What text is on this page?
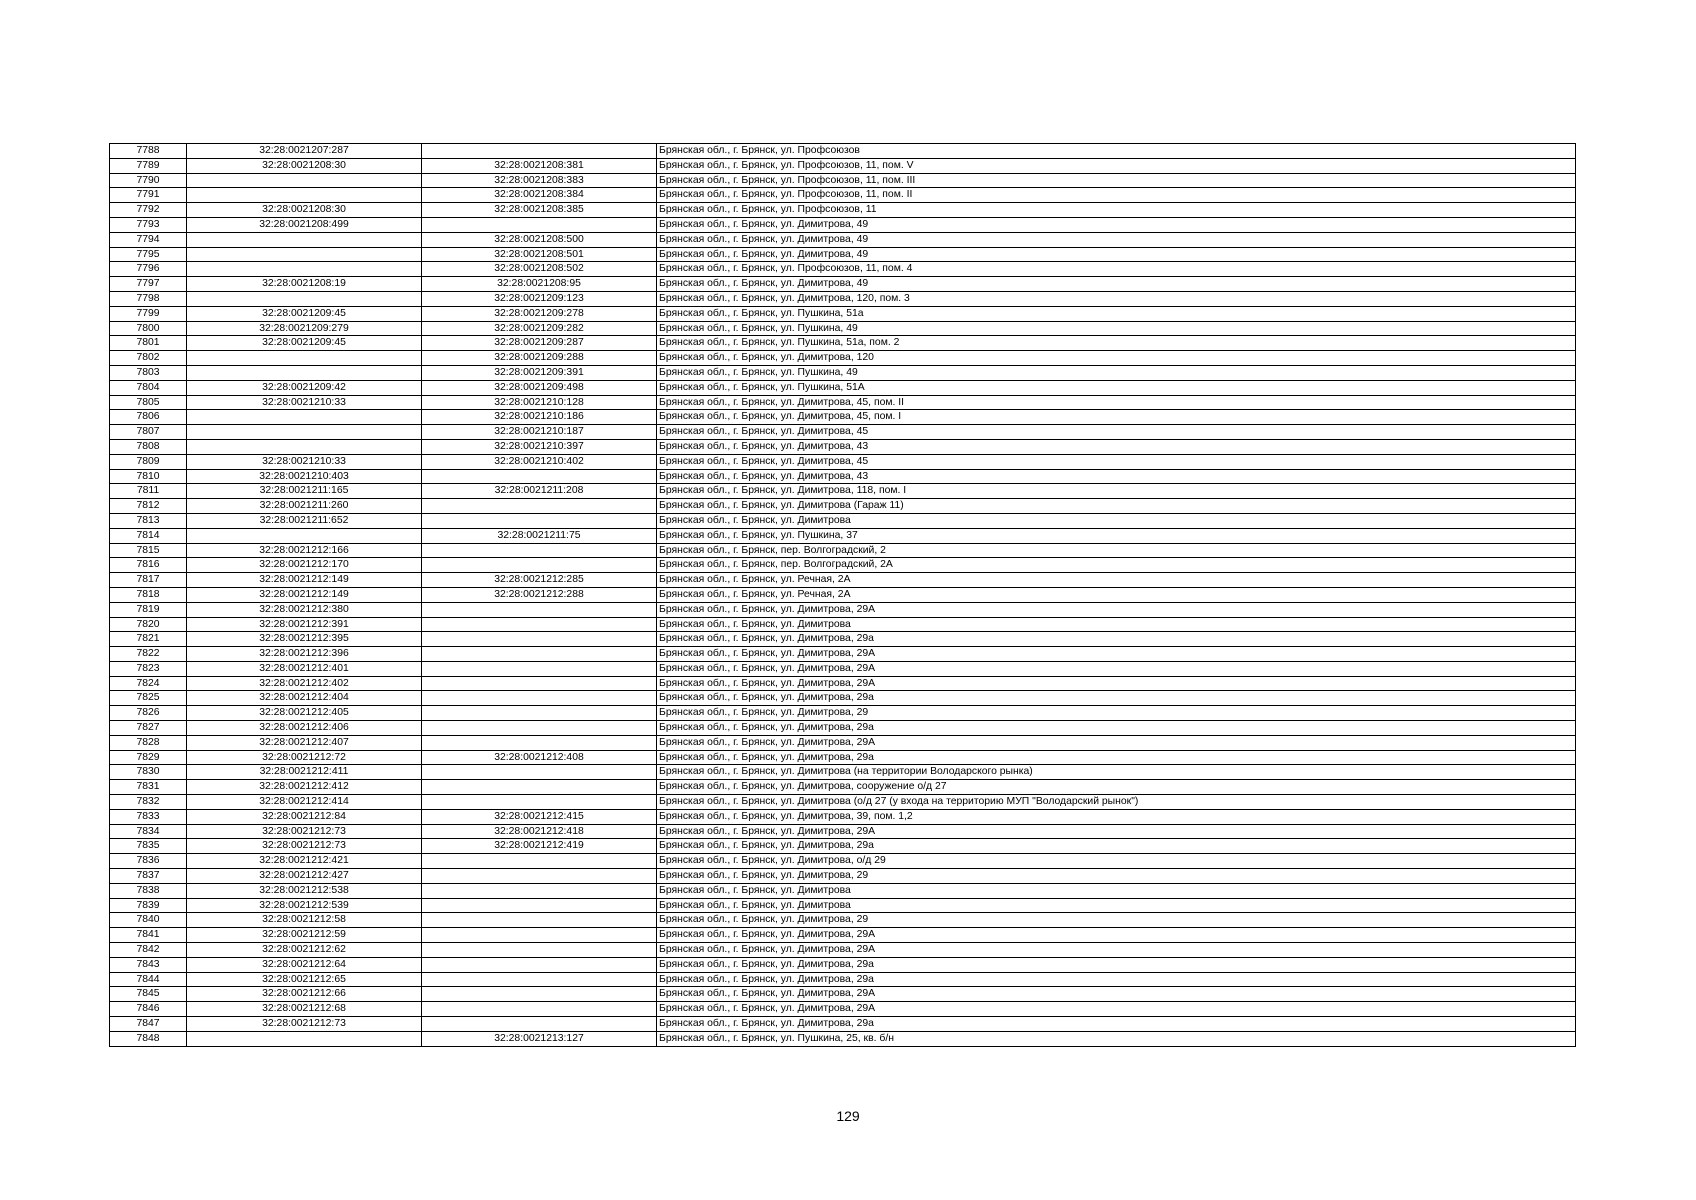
7788	32:28:0021207:287		Брянская обл., г. Брянск, ул. Профсоюзов
7789	32:28:0021208:30	32:28:0021208:381	Брянская обл., г. Брянск, ул. Профсоюзов, 11, пом. V
7790		32:28:0021208:383	Брянская обл., г. Брянск, ул. Профсоюзов, 11, пом. III
7791		32:28:0021208:384	Брянская обл., г. Брянск, ул. Профсоюзов, 11, пом. II
7792	32:28:0021208:30	32:28:0021208:385	Брянская обл., г. Брянск, ул. Профсоюзов, 11
7793	32:28:0021208:499		Брянская обл., г. Брянск, ул. Димитрова, 49
7794		32:28:0021208:500	Брянская обл., г. Брянск, ул. Димитрова, 49
7795		32:28:0021208:501	Брянская обл., г. Брянск, ул. Димитрова, 49
7796		32:28:0021208:502	Брянская обл., г. Брянск, ул. Профсоюзов, 11, пом. 4
7797	32:28:0021208:19	32:28:0021208:95	Брянская обл., г. Брянск, ул. Димитрова, 49
7798		32:28:0021209:123	Брянская обл., г. Брянск, ул. Димитрова, 120, пом. 3
7799	32:28:0021209:45	32:28:0021209:278	Брянская обл., г. Брянск, ул. Пушкина, 51а
7800	32:28:0021209:279	32:28:0021209:282	Брянская обл., г. Брянск, ул. Пушкина, 49
7801	32:28:0021209:45	32:28:0021209:287	Брянская обл., г. Брянск, ул. Пушкина, 51а, пом. 2
7802		32:28:0021209:288	Брянская обл., г. Брянск, ул. Димитрова, 120
7803		32:28:0021209:391	Брянская обл., г. Брянск, ул. Пушкина, 49
7804	32:28:0021209:42	32:28:0021209:498	Брянская обл., г. Брянск, ул. Пушкина, 51А
7805	32:28:0021210:33	32:28:0021210:128	Брянская обл., г. Брянск, ул. Димитрова, 45, пом. II
7806		32:28:0021210:186	Брянская обл., г. Брянск, ул. Димитрова, 45, пом. I
7807		32:28:0021210:187	Брянская обл., г. Брянск, ул. Димитрова, 45
7808		32:28:0021210:397	Брянская обл., г. Брянск, ул. Димитрова, 43
7809	32:28:0021210:33	32:28:0021210:402	Брянская обл., г. Брянск, ул. Димитрова, 45
7810	32:28:0021210:403		Брянская обл., г. Брянск, ул. Димитрова, 43
7811	32:28:0021211:165	32:28:0021211:208	Брянская обл., г. Брянск, ул. Димитрова, 118, пом. I
7812	32:28:0021211:260		Брянская обл., г. Брянск, ул. Димитрова (Гараж 11)
7813	32:28:0021211:652		Брянская обл., г. Брянск, ул. Димитрова
7814		32:28:0021211:75	Брянская обл., г. Брянск, ул. Пушкина, 37
7815	32:28:0021212:166		Брянская обл., г. Брянск, пер. Волгоградский, 2
7816	32:28:0021212:170		Брянская обл., г. Брянск, пер. Волгоградский, 2А
7817	32:28:0021212:149	32:28:0021212:285	Брянская обл., г. Брянск, ул. Речная, 2А
7818	32:28:0021212:149	32:28:0021212:288	Брянская обл., г. Брянск, ул. Речная, 2А
7819	32:28:0021212:380		Брянская обл., г. Брянск, ул. Димитрова, 29А
7820	32:28:0021212:391		Брянская обл., г. Брянск, ул. Димитрова
7821	32:28:0021212:395		Брянская обл., г. Брянск, ул. Димитрова, 29а
7822	32:28:0021212:396		Брянская обл., г. Брянск, ул. Димитрова, 29А
7823	32:28:0021212:401		Брянская обл., г. Брянск, ул. Димитрова, 29А
7824	32:28:0021212:402		Брянская обл., г. Брянск, ул. Димитрова, 29А
7825	32:28:0021212:404		Брянская обл., г. Брянск, ул. Димитрова, 29а
7826	32:28:0021212:405		Брянская обл., г. Брянск, ул. Димитрова, 29
7827	32:28:0021212:406		Брянская обл., г. Брянск, ул. Димитрова, 29а
7828	32:28:0021212:407		Брянская обл., г. Брянск, ул. Димитрова, 29А
7829	32:28:0021212:72	32:28:0021212:408	Брянская обл., г. Брянск, ул. Димитрова, 29а
7830	32:28:0021212:411		Брянская обл., г. Брянск, ул. Димитрова (на территории Володарского рынка)
7831	32:28:0021212:412		Брянская обл., г. Брянск, ул. Димитрова, сооружение о/д 27
7832	32:28:0021212:414		Брянская обл., г. Брянск, ул. Димитрова (о/д 27 (у входа на территорию МУП "Володарский рынок")
7833	32:28:0021212:84	32:28:0021212:415	Брянская обл., г. Брянск, ул. Димитрова, 39, пом. 1,2
7834	32:28:0021212:73	32:28:0021212:418	Брянская обл., г. Брянск, ул. Димитрова, 29А
7835	32:28:0021212:73	32:28:0021212:419	Брянская обл., г. Брянск, ул. Димитрова, 29а
7836	32:28:0021212:421		Брянская обл., г. Брянск, ул. Димитрова, о/д 29
7837	32:28:0021212:427		Брянская обл., г. Брянск, ул. Димитрова, 29
7838	32:28:0021212:538		Брянская обл., г. Брянск, ул. Димитрова
7839	32:28:0021212:539		Брянская обл., г. Брянск, ул. Димитрова
7840	32:28:0021212:58		Брянская обл., г. Брянск, ул. Димитрова, 29
7841	32:28:0021212:59		Брянская обл., г. Брянск, ул. Димитрова, 29А
7842	32:28:0021212:62		Брянская обл., г. Брянск, ул. Димитрова, 29А
7843	32:28:0021212:64		Брянская обл., г. Брянск, ул. Димитрова, 29а
7844	32:28:0021212:65		Брянская обл., г. Брянск, ул. Димитрова, 29а
7845	32:28:0021212:66		Брянская обл., г. Брянск, ул. Димитрова, 29А
7846	32:28:0021212:68		Брянская обл., г. Брянск, ул. Димитрова, 29А
7847	32:28:0021212:73		Брянская обл., г. Брянск, ул. Димитрова, 29а
7848		32:28:0021213:127	Брянская обл., г. Брянск, ул. Пушкина, 25, кв. б/н
129
